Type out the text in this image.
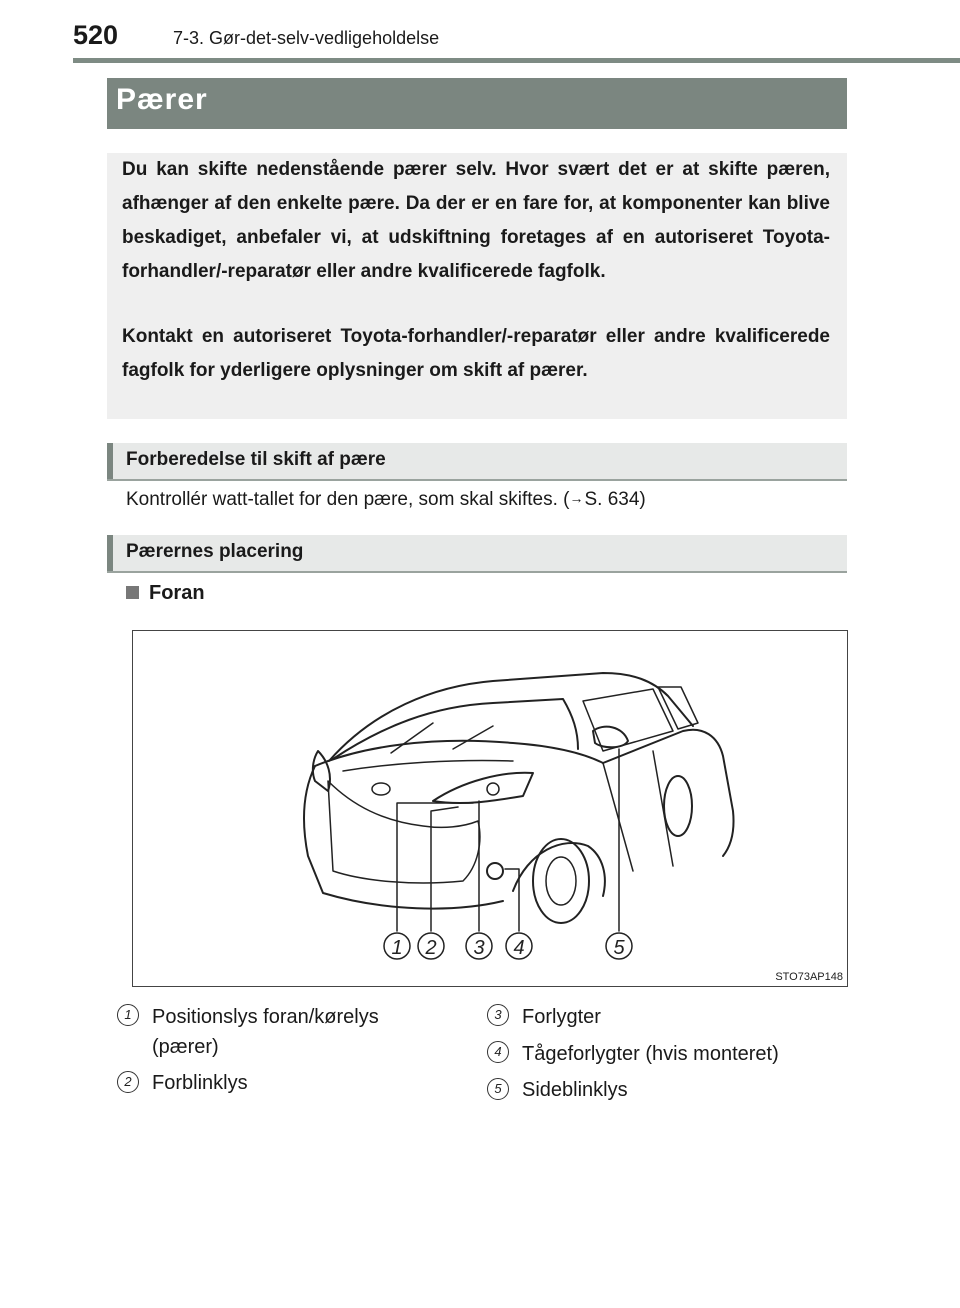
520	7-3. Gør-det-selv-vedligeholdelse
Pærer

Du kan skifte nedenstående pærer selv. Hvor svært det er at skifte pæren, afhænger af den enkelte pære. Da der er en fare for, at komponenter kan blive beskadiget, anbefaler vi, at udskiftning foretages af en autoriseret Toyota-forhandler/-reparatør eller andre kvalificerede fagfolk.

Kontakt en autoriseret Toyota-forhandler/-reparatør eller andre kvalificerede fagfolk for yderligere oplysninger om skift af pærer.

Forberedelse til skift af pære
Kontrollér watt-tallet for den pære, som skal skiftes. (→S. 634)
Pærernes placering
Foran
1 2 3 4	5
STO73AP148
1	Positionslys foran/kørelys
(pærer)
2	Forblinklys
3	Forlygter
4	Tågeforlygter (hvis monteret)
5	Sideblinklys
